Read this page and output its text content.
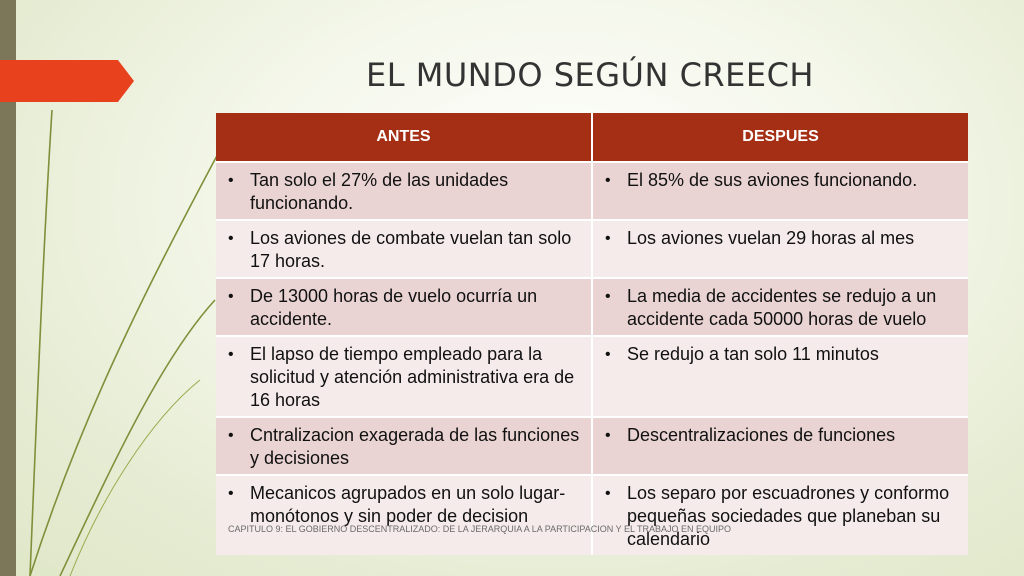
EL MUNDO SEGÚN CREECH
ANTES	DESPUES
• Tan solo el 27% de las unidades funcionando.	• El 85% de sus aviones funcionando.
• Los aviones de combate vuelan tan solo 17 horas.	• Los aviones vuelan 29 horas al mes
• De 13000 horas de vuelo ocurría un accidente.	• La media de accidentes se redujo a un accidente cada 50000 horas de vuelo
• El lapso de tiempo empleado para la solicitud y atención administrativa era de 16 horas	• Se redujo a tan solo 11 minutos
• Cntralizacion exagerada de las funciones y decisiones	• Descentralizaciones de funciones
• Mecanicos agrupados en un solo lugar-monótonos y sin poder de decision	• Los separo por escuadrones y conformo pequeñas sociedades que planeban su calendario
CAPITULO 9: EL GOBIERNO DESCENTRALIZADO: DE LA JERARQUIA A LA PARTICIPACION Y EL TRABAJO EN EQUIPO
